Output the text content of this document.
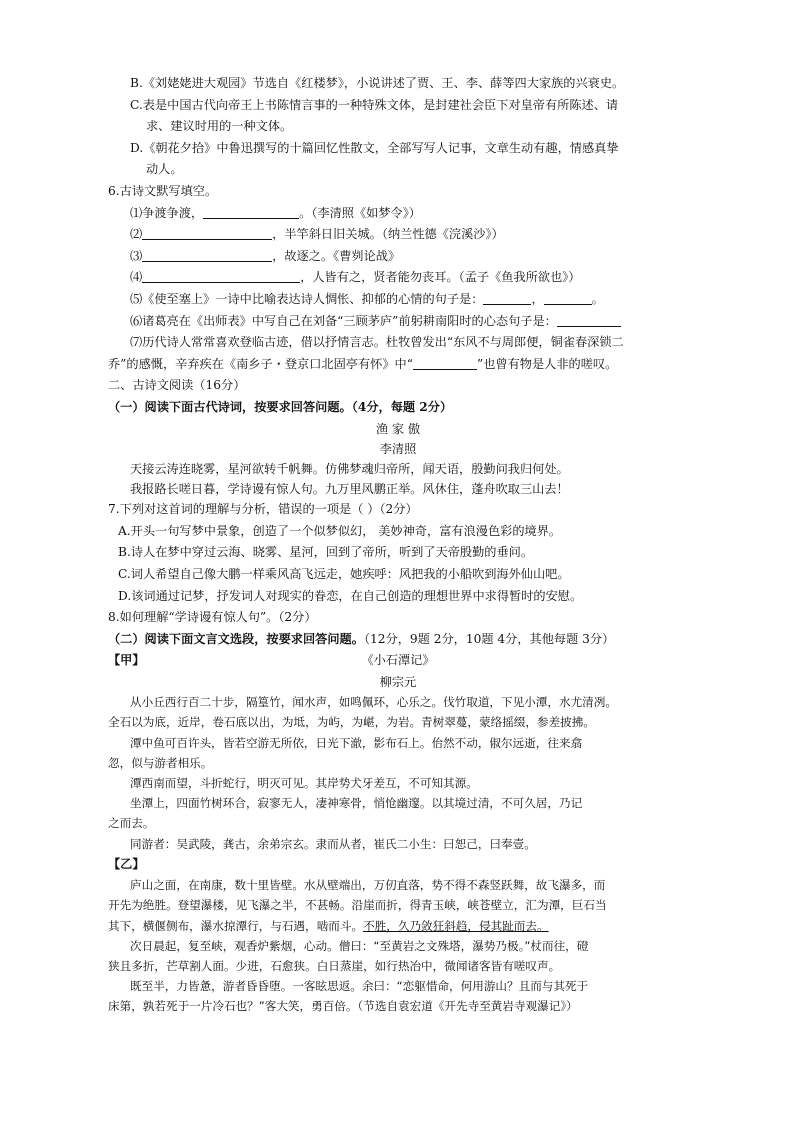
B.《刘姥姥进大观园》节选自《红楼梦》，小说讲述了贾、王、李、薛等四大家族的兴衰史。

C.表是中国古代向帝王上书陈情言事的一种特殊文体，是封建社会臣下对皇帝有所陈述、请

求、建议时用的一种文体。

D.《朝花夕拾》中鲁迅撰写的十篇回忆性散文，全部写写人记事，文章生动有趣，情感真挚

动人。

6.古诗文默写填空。

⑴争渡争渡，	。（李清照《如梦令》）

⑵	，半竿斜日旧关城。（纳兰性德《浣溪沙》）

⑶	，故逐之。《曹刿论战》

⑷	，人皆有之，贤者能勿丧耳。（孟子《鱼我所欲也》）

⑸《使至塞上》一诗中比喻表达诗人惆怅、抑郁的心情的句子是：	，	。

⑹诸葛亮在《出师表》中写自己在刘备“三顾茅庐”前躬耕南阳时的心态句子是：

⑺历代诗人常常喜欢登临古迹，借以抒情言志。杜牧曾发出“东风不与周郎便，铜雀春深锁二

乔”的感慨，辛弃疾在《南乡子・登京口北固亭有怀》中“	”也曾有物是人非的嗟叹。

二、古诗文阅读（16分）

（一）阅读下面古代诗词，按要求回答问题。（4分，每题 2分）

渔 家 傲

李清照

天接云涛连晓雾，星河欲转千帆舞。仿佛梦魂归帝所，闻天语，殷勤问我归何处。

我报路长嗟日暮，学诗谩有惊人句。九万里风鹏正举。风休住，蓬舟吹取三山去！

7.下列对这首词的理解与分析，错误的一项是（ ）（2分）

A.开头一句写梦中景象，创造了一个似梦似幻， 美妙神奇，富有浪漫色彩的境界。

B.诗人在梦中穿过云海、晓雾、星河，回到了帝所，听到了天帝殷勤的垂问。

C.词人希望自己像大鹏一样乘风高飞远走，她疾呼：风把我的小船吹到海外仙山吧。

D.该词通过记梦，抒发词人对现实的眷恋，在自己创造的理想世界中求得暂时的安慰。

8.如何理解“学诗谩有惊人句”。（2分）

（二）阅读下面文言文选段，按要求回答问题。（12分，9题 2分，10题 4分，其他每题 3分）

【甲】	《小石潭记》

柳宗元

从小丘西行百二十步，隔篁竹，闻水声，如鸣佩环，心乐之。伐竹取道，下见小潭，水尤清冽。

全石以为底，近岸，卷石底以出，为坻，为屿，为嵁，为岩。青树翠蔓，蒙络摇缀，参差披拂。

潭中鱼可百许头，皆若空游无所依，日光下澈，影布石上。佁然不动，俶尔远逝，往来翕

忽，似与游者相乐。

潭西南而望，斗折蛇行，明灭可见。其岸势犬牙差互，不可知其源。

坐潭上，四面竹树环合，寂寥无人，凄神寒骨，悄怆幽邃。以其境过清，不可久居，乃记

之而去。

同游者：吴武陵，龚古，余弟宗玄。隶而从者，崔氏二小生：曰恕己，曰奉壹。

【乙】

庐山之面，在南康，数十里皆壁。水从壁端出，万仞直落，势不得不森竖跃舞，故飞瀑多，而

开先为绝胜。登望瀑楼，见飞瀑之半，不甚畅。沿崖而折，得青玉峡，峡苍壁立，汇为潭，巨石当

其下，横偃侧布，瀑水掠潭行，与石遇，啮而斗。不胜，久乃敛狂斜趋，侵其趾而去。

次日晨起，复至峡，观香炉紫烟，心动。僧曰：“至黄岩之文殊塔，瀑势乃极。”杖而往，磴

狭且多折，芒草割人面。少进，石愈狭。白日蒸崖，如行热冶中，微闻诸客皆有嗟叹声。

既至半，力皆惫，游者昏昏堕。一客眩思返。余曰：“恋躯惜命，何用游山？且而与其死于

床第，孰若死于一片冷石也？”客大笑，勇百倍。（节选自袁宏道《开先寺至黄岩寺观瀑记》）
